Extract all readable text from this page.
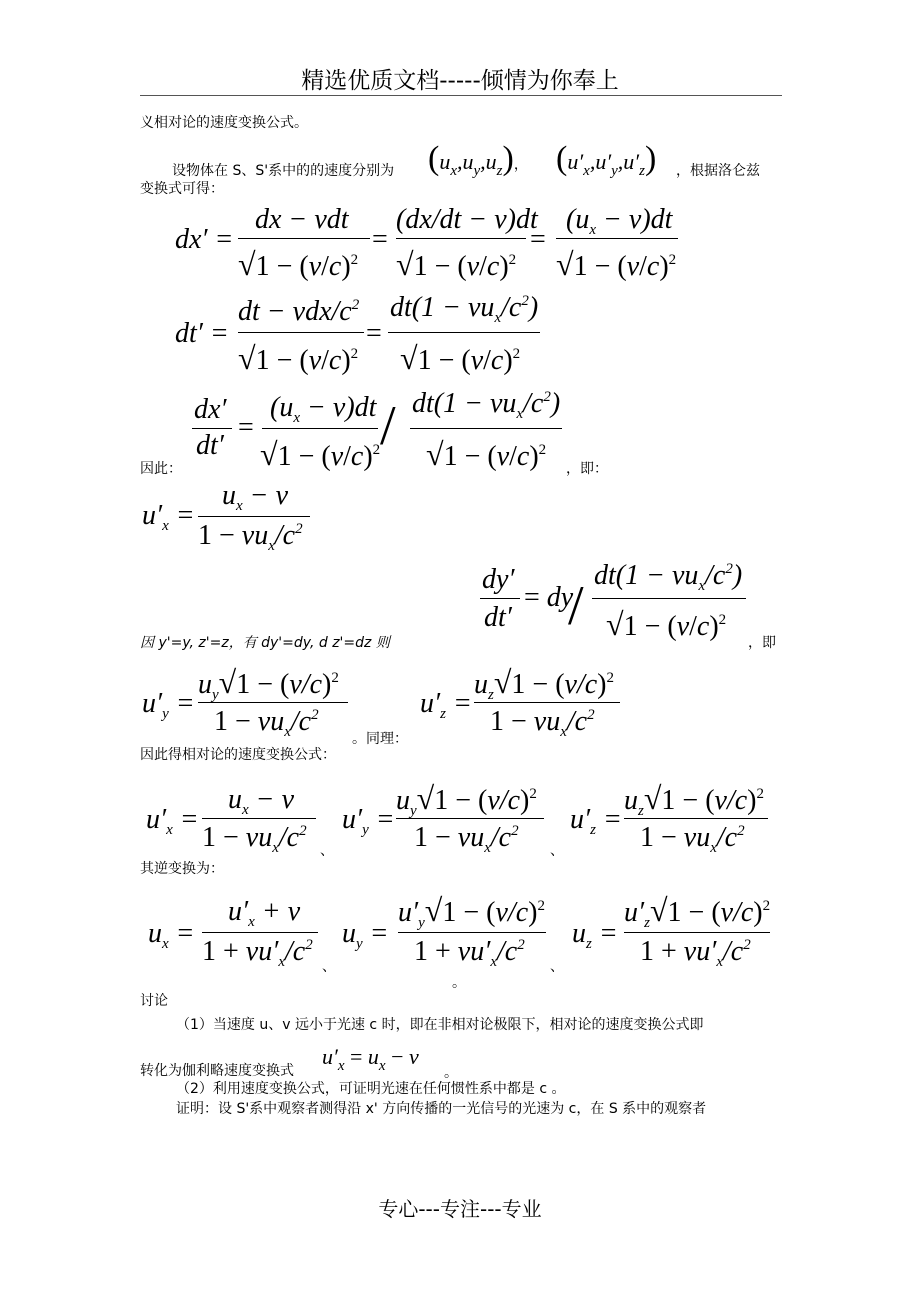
精选优质文档-----倾情为你奉上
义相对论的速度变换公式。
设物体在 S、S'系中的的速度分别为 $(u_x,u_y,u_z)$， $(u'_x,u'_y,u'_z)$ ，根据洛仑兹
变换式可得：
dx′ =
dx − vdt
$√1 - (v/c)^2$
=
(dx/dt − v)dt
$√1 - (v/c)^2$
=
$(u_x - v)dt$
$√1 - (v/c)^2$
dt′ =
dt − vdx/$c^2$
$√1 - (v/c)^2$
=
$dt(1 - vu_x/c^2)$
$√1 - (v/c)^2$
dx′
dt′
=
$(u_x - v)dt$
$√1 - (v/c)^2 / dt(1 - vu_x/c^2)$
$√1 - (v/c)^2$
因此：	，即：
$u'_x$ =
$u_x - v$
$1 - vu_x/c^2$
dy′
dt′
= dy
/ $dt(1 - vu_x/c^2)$
$√1 - (v/c)^2$
因 y'=y, z'=z，有 dy'=dy, d z'=dz 则	，即
$u'_y$ =
$u_y√1 - (v/c)^2$
$1 - vu_x/c^2$	$u'_z$ =
$u_z√1 - (v/c)^2$
$1 - vu_x/c^2$
。同理：
因此得相对论的速度变换公式：
$u'_x$ =
$u_x - v$
$1 - vu_x/c^2$
、
$u'_y$ =
$u_y√1 - (v/c)^2$
$1 - vu_x/c^2$
、
$u'_z$ =
$u_z√1 - (v/c)^2$
$1 - vu_x/c^2$
其逆变换为：
$u_x$ =
$u'_x + v$
$1 + vu'_x/c^2$
、
$u_y$ =
$u'_y√1 - (v/c)^2$
$1 + vu'_x/c^2$
。
、
$u_z$ =
$u'_z√1 - (v/c)^2$
$1 + vu'_x/c^2$
讨论
（1）当速度 u、v 远小于光速 c 时，即在非相对论极限下，相对论的速度变换公式即
转化为伽利略速度变换式
$u'_x = u_x - v$
。
（2）利用速度变换公式，可证明光速在任何惯性系中都是 c 。
证明：设 S'系中观察者测得沿 x' 方向传播的一光信号的光速为 c，在 S 系中的观察者
专心---专注---专业
